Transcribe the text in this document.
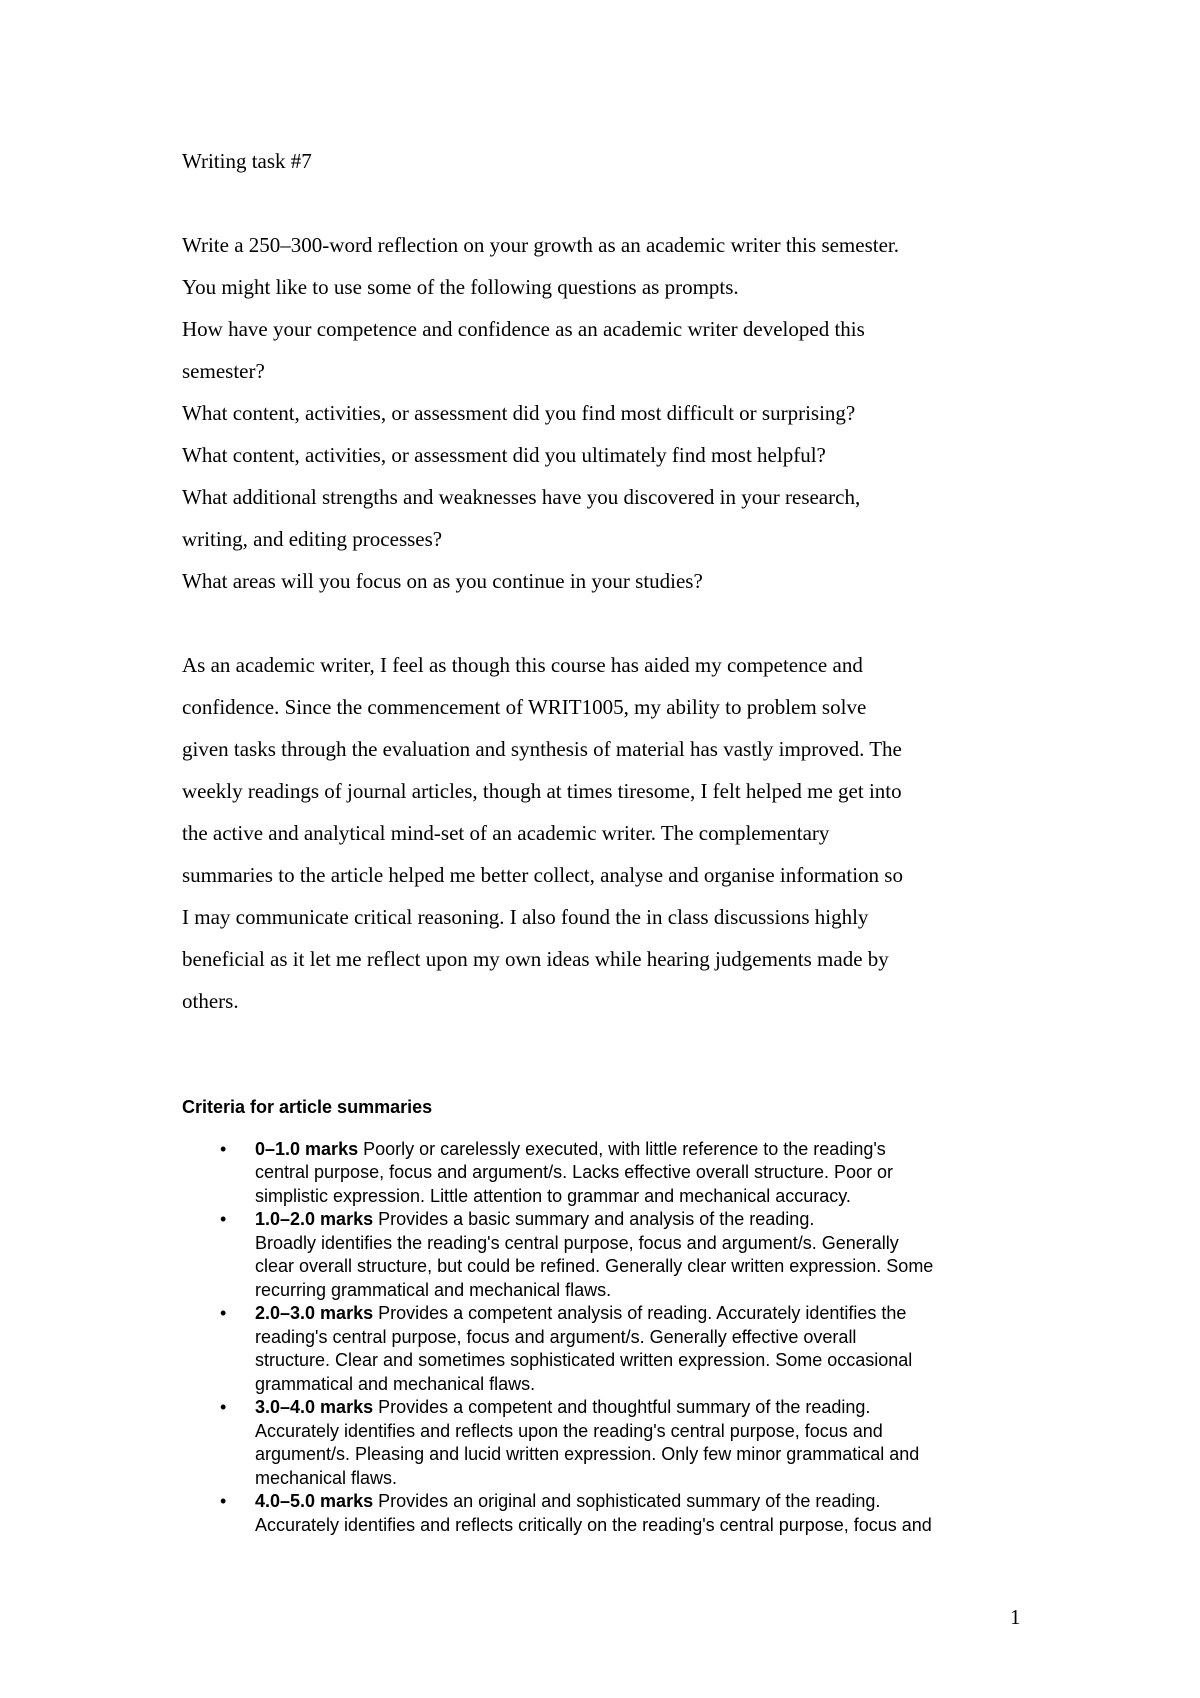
Writing task #7

Write a 250–300-word reflection on your growth as an academic writer this semester.

You might like to use some of the following questions as prompts.

How have your competence and confidence as an academic writer developed this

semester?

What content, activities, or assessment did you find most difficult or surprising?

What content, activities, or assessment did you ultimately find most helpful?

What additional strengths and weaknesses have you discovered in your research,

writing, and editing processes?

What areas will you focus on as you continue in your studies?

As an academic writer, I feel as though this course has aided my competence and

confidence. Since the commencement of WRIT1005, my ability to problem solve

given tasks through the evaluation and synthesis of material has vastly improved. The

weekly readings of journal articles, though at times tiresome, I felt helped me get into

the active and analytical mind-set of an academic writer. The complementary

summaries to the article helped me better collect, analyse and organise information so

I may communicate critical reasoning. I also found the in class discussions highly

beneficial as it let me reflect upon my own ideas while hearing judgements made by

others.

Criteria for article summaries
• 0–1.0 marks Poorly or carelessly executed, with little reference to the reading's
central purpose, focus and argument/s. Lacks effective overall structure. Poor or
simplistic expression. Little attention to grammar and mechanical accuracy.
• 1.0–2.0 marks Provides a basic summary and analysis of the reading.
Broadly identifies the reading's central purpose, focus and argument/s. Generally
clear overall structure, but could be refined. Generally clear written expression. Some
recurring grammatical and mechanical flaws.
• 2.0–3.0 marks Provides a competent analysis of reading. Accurately identifies the
reading's central purpose, focus and argument/s. Generally effective overall
structure. Clear and sometimes sophisticated written expression. Some occasional
grammatical and mechanical flaws.
• 3.0–4.0 marks Provides a competent and thoughtful summary of the reading.
Accurately identifies and reflects upon the reading's central purpose, focus and
argument/s. Pleasing and lucid written expression. Only few minor grammatical and
mechanical flaws.
• 4.0–5.0 marks Provides an original and sophisticated summary of the reading.
Accurately identifies and reflects critically on the reading's central purpose, focus and
1
